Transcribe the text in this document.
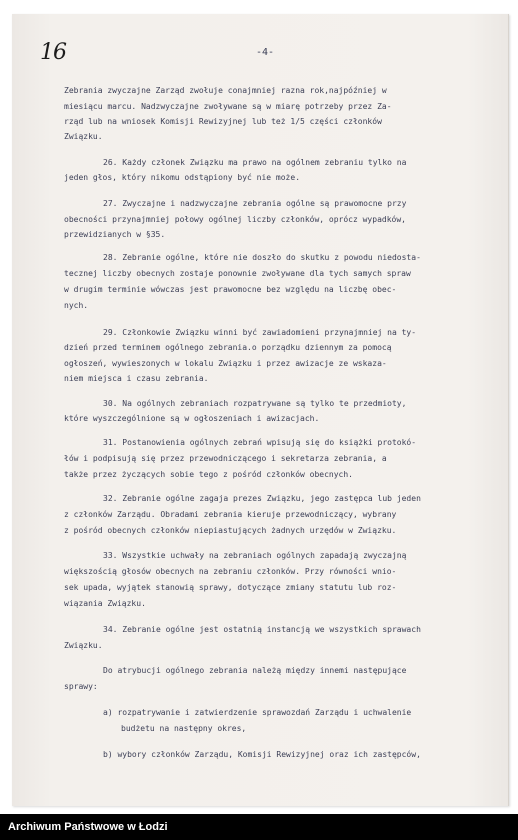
16	-4-

Zebrania zwyczajne Zarząd zwołuje conajmniej razna rok,najpóźniej w

miesiącu marcu. Nadzwyczajne zwoływane są w miarę potrzeby przez Za-

rząd lub na wniosek Komisji Rewizyjnej lub też 1/5 części członków

Związku.

26. Każdy członek Związku ma prawo na ogólnem zebraniu tylko na

jeden głos, który nikomu odstąpiony być nie może.

27. Zwyczajne i nadzwyczajne zebrania ogólne są prawomocne przy

obecności przynajmniej połowy ogólnej liczby członków, oprócz wypadków,

przewidzianych w §35.

28. Zebranie ogólne, które nie doszło do skutku z powodu niedosta-

tecznej liczby obecnych zostaje ponownie zwoływane dla tych samych spraw

w drugim terminie wówczas jest prawomocne bez względu na liczbę obec-

nych.

29. Członkowie Związku winni być zawiadomieni przynajmniej na ty-

dzień przed terminem ogólnego zebrania.o porządku dziennym za pomocą

ogłoszeń, wywieszonych w lokalu Związku i przez awizacje ze wskaza-

niem miejsca i czasu zebrania.

30. Na ogólnych zebraniach rozpatrywane są tylko te przedmioty,

które wyszczególnione są w ogłoszeniach i awizacjach.

31. Postanowienia ogólnych zebrań wpisują się do książki protokó-

łów i podpisują się przez przewodniczącego i sekretarza zebrania, a

także przez życzących sobie tego z pośród członków obecnych.

32. Zebranie ogólne zagaja prezes Związku, jego zastępca lub jeden

z członków Zarządu. Obradami zebrania kieruje przewodniczący, wybrany

z pośród obecnych członków niepiastujących żadnych urzędów w Związku.

33. Wszystkie uchwały na zebraniach ogólnych zapadają zwyczajną

większością głosów obecnych na zebraniu członków. Przy równości wnio-

sek upada, wyjątek stanowią sprawy, dotyczące zmiany statutu lub roz-

wiązania Związku.

34. Zebranie ogólne jest ostatnią instancją we wszystkich sprawach

Związku.

Do atrybucji ogólnego zebrania należą między innemi następujące

sprawy:

a) rozpatrywanie i zatwierdzenie sprawozdań Zarządu i uchwalenie

budżetu na następny okres,

b) wybory członków Zarządu, Komisji Rewizyjnej oraz ich zastępców,

Archiwum Państwowe w Łodzi
